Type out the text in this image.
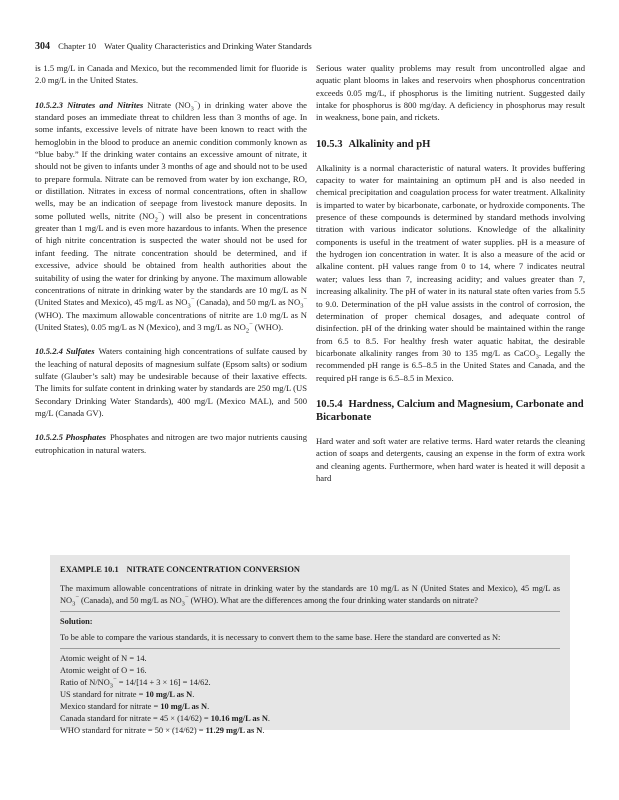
304 Chapter 10 Water Quality Characteristics and Drinking Water Standards

is 1.5 mg/L in Canada and Mexico, but the recommended limit for fluoride is 2.0 mg/L in the United States.

10.5.2.3 Nitrates and Nitrites Nitrate $(NO_3^-)$ in drinking water above the standard poses an immediate threat to children less than 3 months of age. In some infants, excessive levels of nitrate have been known to react with the hemoglobin in the blood to produce an anemic condition commonly known as “blue baby.” If the drinking water contains an excessive amount of nitrate, it should not be given to infants under 3 months of age and should not to be used to prepare formula. Nitrate can be removed from water by ion exchange, RO, or distillation. Nitrates in excess of normal concentrations, often in shallow wells, may be an indication of seepage from livestock manure deposits. In some polluted wells, nitrite $(NO_2^-)$ will also be present in concentrations greater than 1 mg/L and is even more hazardous to infants. When the presence of high nitrite concentration is suspected the water should not be used for infant feeding. The nitrate concentration should be determined, and if excessive, advice should be obtained from health authorities about the suitability of using the water for drinking by anyone. The maximum allowable concentrations of nitrate in drinking water by the standards are 10 mg/L as N (United States and Mexico), 45 mg/L as $NO_3^-$ (Canada), and 50 mg/L as $NO_3^-$ (WHO). The maximum allowable concentrations of nitrite are 1.0 mg/L as N (United States), 0.05 mg/L as N (Mexico), and 3 mg/L as $NO_2^-$ (WHO).

10.5.2.4 Sulfates Waters containing high concentrations of sulfate caused by the leaching of natural deposits of magnesium sulfate (Epsom salts) or sodium sulfate (Glauber’s salt) may be undesirable because of their laxative effects. The limits for sulfate content in drinking water by standards are 250 mg/L (US Secondary Drinking Water Standards), 400 mg/L (Mexico MAL), and 500 mg/L (Canada GV).

10.5.2.5 Phosphates Phosphates and nitrogen are two major nutrients causing eutrophication in natural waters.

Serious water quality problems may result from uncontrolled algae and aquatic plant blooms in lakes and reservoirs when phosphorus concentration exceeds 0.05 mg/L, if phosphorus is the limiting nutrient. Suggested daily intake for phosphorus is 800 mg/day. A deficiency in phosphorus may result in weakness, bone pain, and rickets.

10.5.3 Alkalinity and pH

Alkalinity is a normal characteristic of natural waters. It provides buffering capacity to water for maintaining an optimum pH and is also needed in chemical precipitation and coagulation process for water treatment. Alkalinity is imparted to water by bicarbonate, carbonate, or hydroxide components. The presence of these compounds is determined by standard methods involving titration with various indicator solutions. Knowledge of the alkalinity components is useful in the treatment of water supplies. pH is a measure of the hydrogen ion concentration in water. It is also a measure of the acid or alkaline content. pH values range from 0 to 14, where 7 indicates neutral water; values less than 7, increasing acidity; and values greater than 7, increasing alkalinity. The pH of water in its natural state often varies from 5.5 to 9.0. Determination of the pH value assists in the control of corrosion, the determination of proper chemical dosages, and adequate control of disinfection. pH of the drinking water should be maintained within the range from 6.5 to 8.5. For healthy fresh water aquatic habitat, the desirable bicarbonate alkalinity ranges from 30 to 135 mg/L as CaCO$_3$. Legally the recommended pH range is 6.5–8.5 in the United States and Canada, and the required pH range is 6.5–8.5 in Mexico.

10.5.4 Hardness, Calcium and Magnesium, Carbonate and Bicarbonate

Hard water and soft water are relative terms. Hard water retards the cleaning action of soaps and detergents, causing an expense in the form of extra work and cleaning agents. Furthermore, when hard water is heated it will deposit a hard

EXAMPLE 10.1 NITRATE CONCENTRATION CONVERSION
The maximum allowable concentrations of nitrate in drinking water by the standards are 10 mg/L as N (United States and Mexico), 45 mg/L as $NO_3^-$ (Canada), and 50 mg/L as $NO_3^-$ (WHO). What are the differences among the four drinking water standards on nitrate?
Solution:
To be able to compare the various standards, it is necessary to convert them to the same base. Here the standard are converted as N:
Atomic weight of N = 14.
Atomic weight of O = 16.
Ratio of $N/NO_3^- = 14/[14 + 3 \times 16] = 14/62$.
US standard for nitrate = 10 mg/L as N.
Mexico standard for nitrate = 10 mg/L as N.
Canada standard for nitrate = 45 × (14/62) = 10.16 mg/L as N.
WHO standard for nitrate = 50 × (14/62) = 11.29 mg/L as N.
